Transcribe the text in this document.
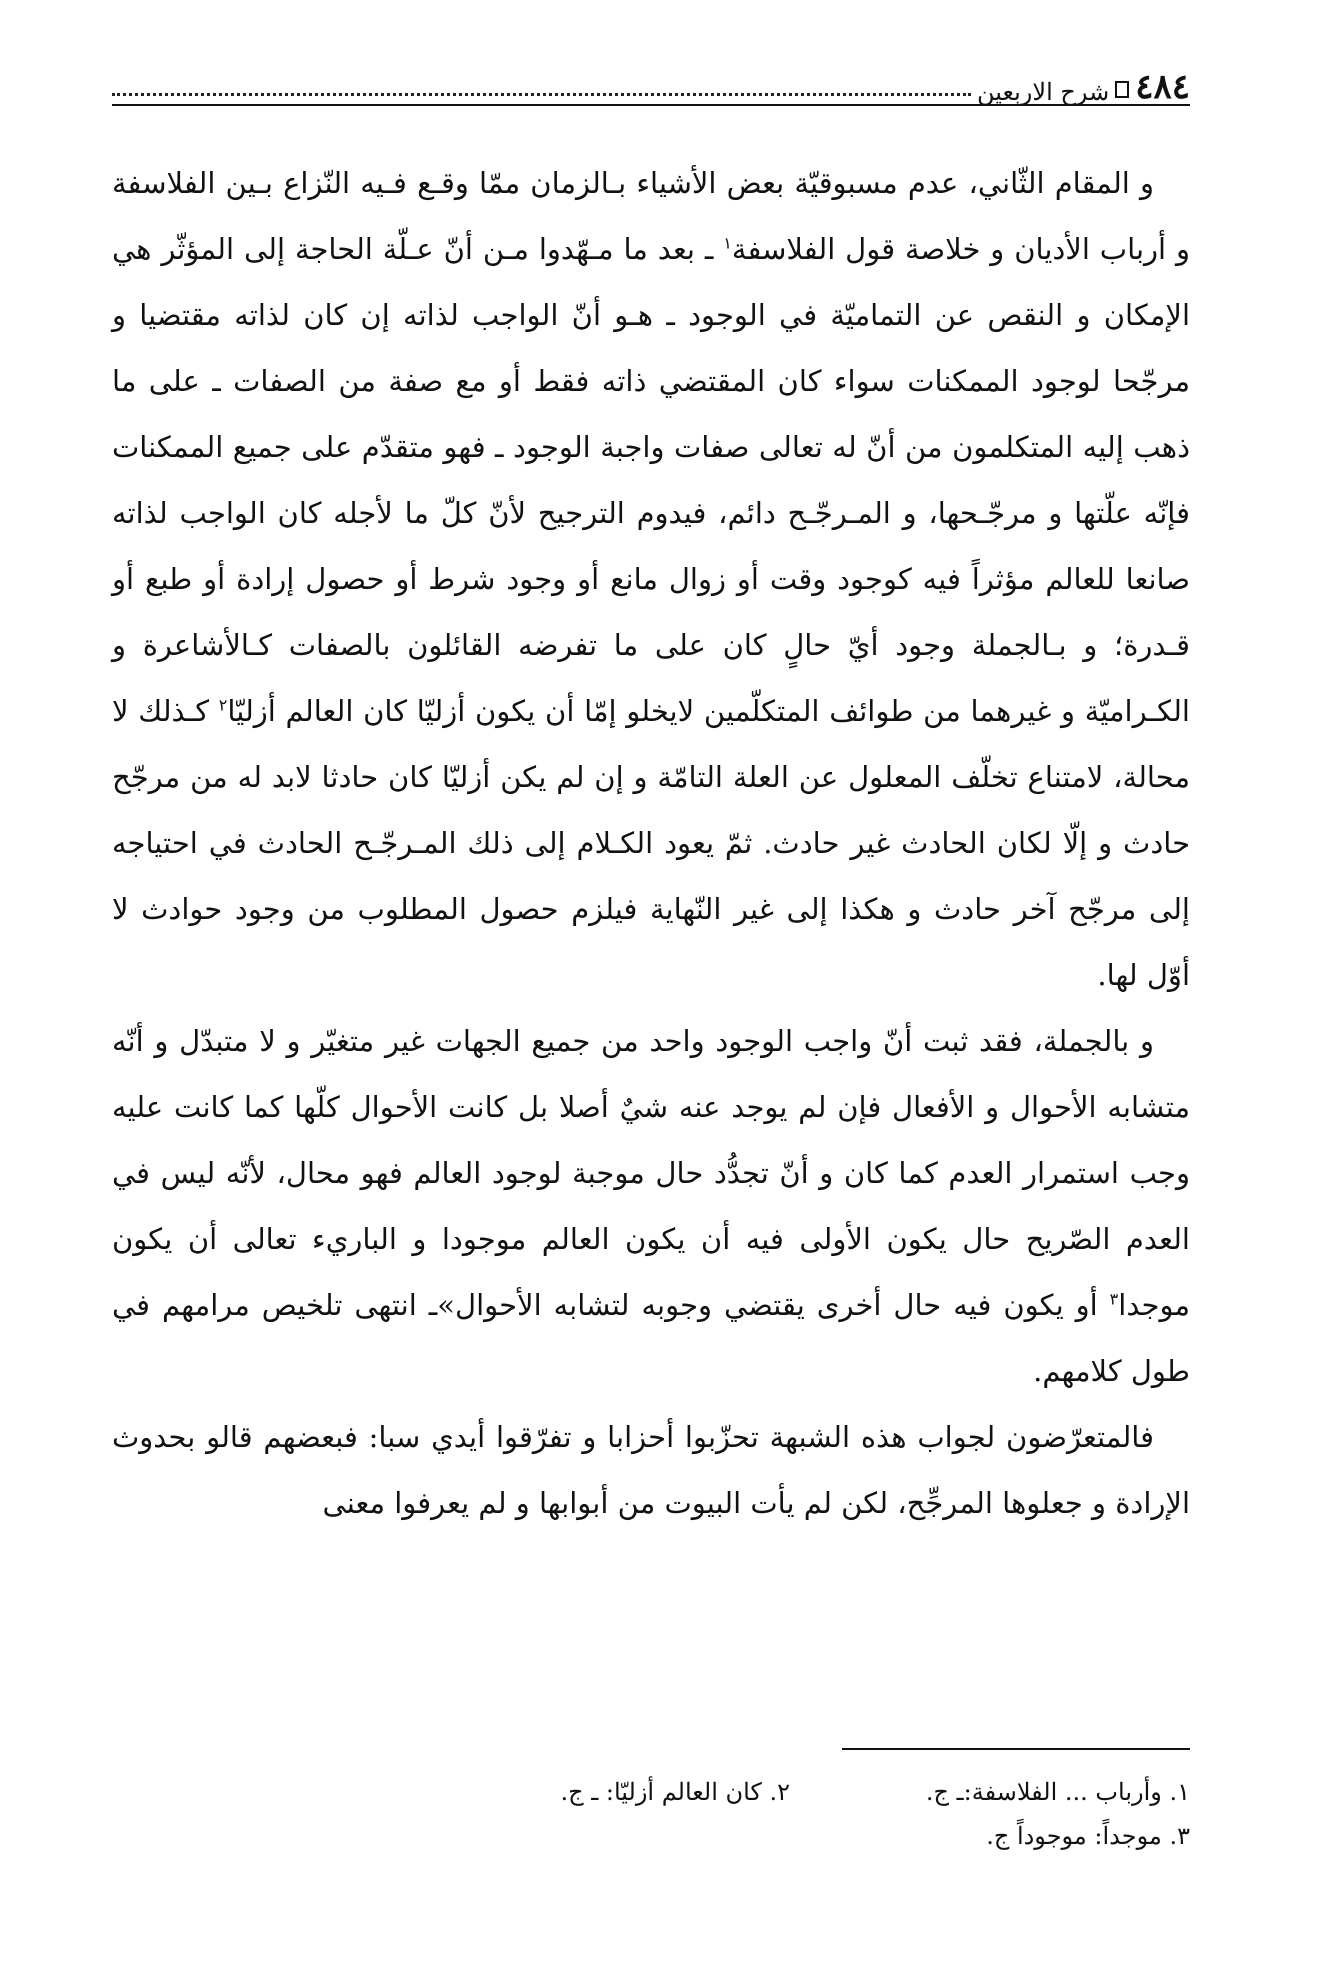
٤٨٤
شرح الاربعين

و المقام الثّاني، عدم مسبوقيّة بعض الأشياء بـالزمان ممّا وقـع فـيه النّزاع بـين الفلاسفة و أرباب الأديان و خلاصة قول الفلاسفة$^١$ ـ بعد ما مـهّدوا مـن أنّ عـلّة الحاجة إلى المؤثّر هي الإمكان و النقص عن التماميّة في الوجود ـ هـو أنّ الواجب لذاته إن كان لذاته مقتضيا و مرجّحا لوجود الممكنات سواء كان المقتضي ذاته فقط أو مع صفة من الصفات ـ على ما ذهب إليه المتكلمون من أنّ له تعالى صفات واجبة الوجود ـ فهو متقدّم على جميع الممكنات فإنّه علّتها و مرجّـحها، و المـرجّـح دائم، فيدوم الترجيح لأنّ كلّ ما لأجله كان الواجب لذاته صانعا للعالم مؤثراً فيه كوجود وقت أو زوال مانع أو وجود شرط أو حصول إرادة أو طبع أو قـدرة؛ و بـالجملة وجود أيّ حالٍ كان على ما تفرضه القائلون بالصفات كـالأشاعرة و الكـراميّة و غيرهما من طوائف المتكلّمين لايخلو إمّا أن يكون أزليّا كان العالم أزليّا$^٢$ كـذلك لا محالة، لامتناع تخلّف المعلول عن العلة التامّة و إن لم يكن أزليّا كان حادثا لابد له من مرجّح حادث و إلّا لكان الحادث غير حادث. ثمّ يعود الكـلام إلى ذلك المـرجّـح الحادث في احتياجه إلى مرجّح آخر حادث و هكذا إلى غير النّهاية فيلزم حصول المطلوب من وجود حوادث لا أوّل لها.

و بالجملة، فقد ثبت أنّ واجب الوجود واحد من جميع الجهات غير متغيّر و لا متبدّل و أنّه متشابه الأحوال و الأفعال فإن لم يوجد عنه شيٌ أصلا بل كانت الأحوال كلّها كما كانت عليه وجب استمرار العدم كما كان و أنّ تجدُّد حال موجبة لوجود العالم فهو محال، لأنّه ليس في العدم الصّريح حال يكون الأولى فيه أن يكون العالم موجودا و الباريء تعالى أن يكون موجدا$^٣$ أو يكون فيه حال أخرى يقتضي وجوبه لتشابه الأحوال»ـ انتهى تلخيص مرامهم في طول كلامهم.

فالمتعرّضون لجواب هذه الشبهة تحزّبوا أحزابا و تفرّقوا أيدي سبا: فبعضهم قالو بحدوث الإرادة و جعلوها المرجِّح، لكن لم يأت البيوت من أبوابها و لم يعرفوا معنى

١. وأرباب ... الفلاسفة:ـ ج.
٢. كان العالم أزليّا: ـ ج.
٣. موجداً: موجوداً ج.
